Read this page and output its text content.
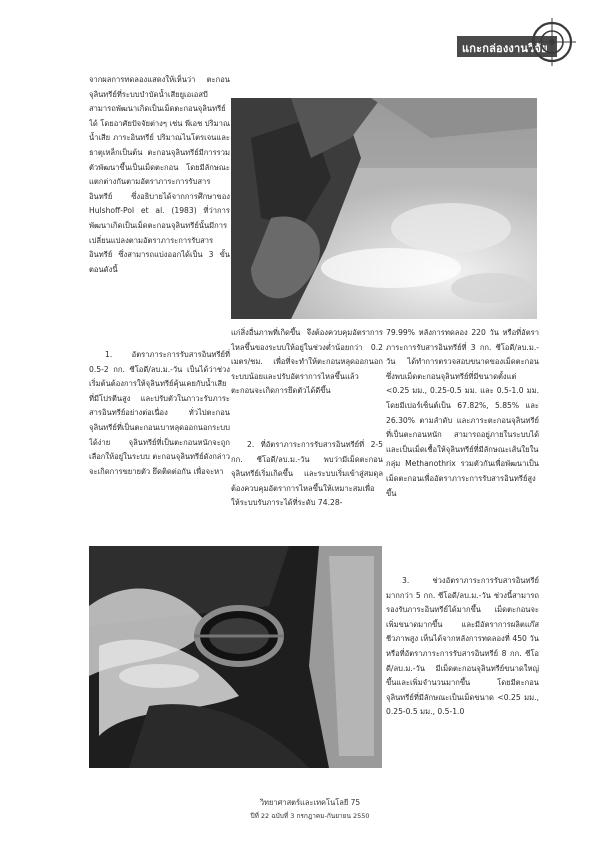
แกะกล่องงานวิจัย
จากผลการทดลองแสดงให้เห็นว่า ตะกอนจุลินทรีย์ที่ระบบบำบัดน้ำเสียยูเอเอสบีสามารถพัฒนาเกิดเป็นเม็ดตะกอนจุลินทรีย์ได้ โดยอาศัยปัจจัยต่างๆ เช่น พีเอช ปริมาณน้ำเสีย ภาระอินทรีย์ ปริมาณไนโตรเจนและธาตุเหล็กเป็นต้น ตะกอนจุลินทรีย์มีการรวมตัวพัฒนาขึ้นเป็นเม็ดตะกอน โดยมีลักษณะแตกต่างกันตามอัตราภาระการรับสารอินทรีย์ ซึ่งอธิบายได้จากการศึกษาของ Hulshoff-Pol et al. (1983) ที่ว่าการพัฒนาเกิดเป็นเม็ดตะกอนจุลินทรีย์นั้นมีการเปลี่ยนแปลงตามอัตราภาระการรับสารอินทรีย์ ซึ่งสามารถแบ่งออกได้เป็น 3 ขั้นตอนดังนี้
1. อัตราภาระการรับสารอินทรีย์ที่ 0.5-2 กก. ซีโอดี/ลบ.ม.-วัน เป็นได้ว่าช่วงเริ่มต้นต้องการให้จุลินทรีย์คุ้นเคยกับน้ำเสียที่มีโปรตีนสูง และปรับตัวในภาวะรับภาระสารอินทรีย์อย่างต่อเนื่อง ทั่วไปตะกอนจุลินทรีย์ที่เป็นตะกอนเบาหลุดออกนอกระบบได้ง่าย จุลินทรีย์ที่เป็นตะกอนหนักจะถูกเลือกให้อยู่ในระบบ ตะกอนจุลินทรีย์ดังกล่าวจะเกิดการขยายตัว ยึดติดต่อกัน เพื่อจะหา
แก่สิ่งอื่นภาพที่เกิดขึ้น จึงต้องควบคุมอัตราการไหลขึ้นของระบบให้อยู่ในช่วงต่ำน้อยกว่า 0.2 เมตร/ชม. เพื่อที่จะทำให้ตะกอนหลุดออกนอกระบบน้อยและปรับอัตราการไหลขึ้นแล้ว ตะกอนจะเกิดการยึดตัวได้ดีขึ้น
2. ที่อัตราภาระการรับสารอินทรีย์ที่ 2-5 กก. ซีโอดี/ลบ.ม.-วัน พบว่ามีเม็ดตะกอนจุลินทรีย์เริ่มเกิดขึ้น และระบบเริ่มเข้าสู่สมดุล ต้องควบคุมอัตราการไหลขึ้นให้เหมาะสมเพื่อให้ระบบรับภาระได้ที่ระดับ 74.28-
79.99% หลังการทดลอง 220 วัน หรือที่อัตราภาระการรับสารอินทรีย์ที่ 3 กก. ซีโอดี/ลบ.ม.-วัน ได้ทำการตรวจสอบขนาดของเม็ดตะกอน ซึ่งพบเม็ดตะกอนจุลินทรีย์ที่มีขนาดตั้งแต่ <0.25 มม., 0.25-0.5 มม. และ 0.5-1.0 มม. โดยมีเปอร์เซ็นต์เป็น 67.82%, 5.85% และ 26.30% ตามลำดับ และภาระตะกอนจุลินทรีย์ที่เป็นตะกอนหนัก สามารถอยู่ภายในระบบได้ และเป็นเม็ดเชื้อให้จุลินทรีย์ที่มีลักษณะเส้นใยในกลุ่ม Methanothrix รวมตัวกันเพื่อพัฒนาเป็นเม็ดตะกอนเพื่ออัตราภาระการรับสารอินทรีย์สูงขึ้น
3. ช่วงอัตราภาระการรับสารอินทรีย์มากกว่า 5 กก. ซีโอดี/ลบ.ม.-วัน ช่วงนี้สามารถรองรับภาระอินทรีย์ได้มากขึ้น เม็ดตะกอนจะเพิ่มขนาดมากขึ้น และมีอัตราการผลิตแก๊สชีวภาพสูง เห็นได้จากหลังการทดลองที่ 450 วัน หรือที่อัตราภาระการรับสารอินทรีย์ 8 กก. ซีโอดี/ลบ.ม.-วัน มีเม็ดตะกอนจุลินทรีย์ขนาดใหญ่ขึ้นและเพิ่มจำนวนมากขึ้น โดยมีตะกอนจุลินทรีย์ที่มีลักษณะเป็นเม็ดขนาด <0.25 มม., 0.25-0.5 มม., 0.5-1.0
วิทยาศาสตร์และเทคโนโลยี 75
ปีที่ 22 ฉบับที่ 3 กรกฎาคม-กันยายน 2550
